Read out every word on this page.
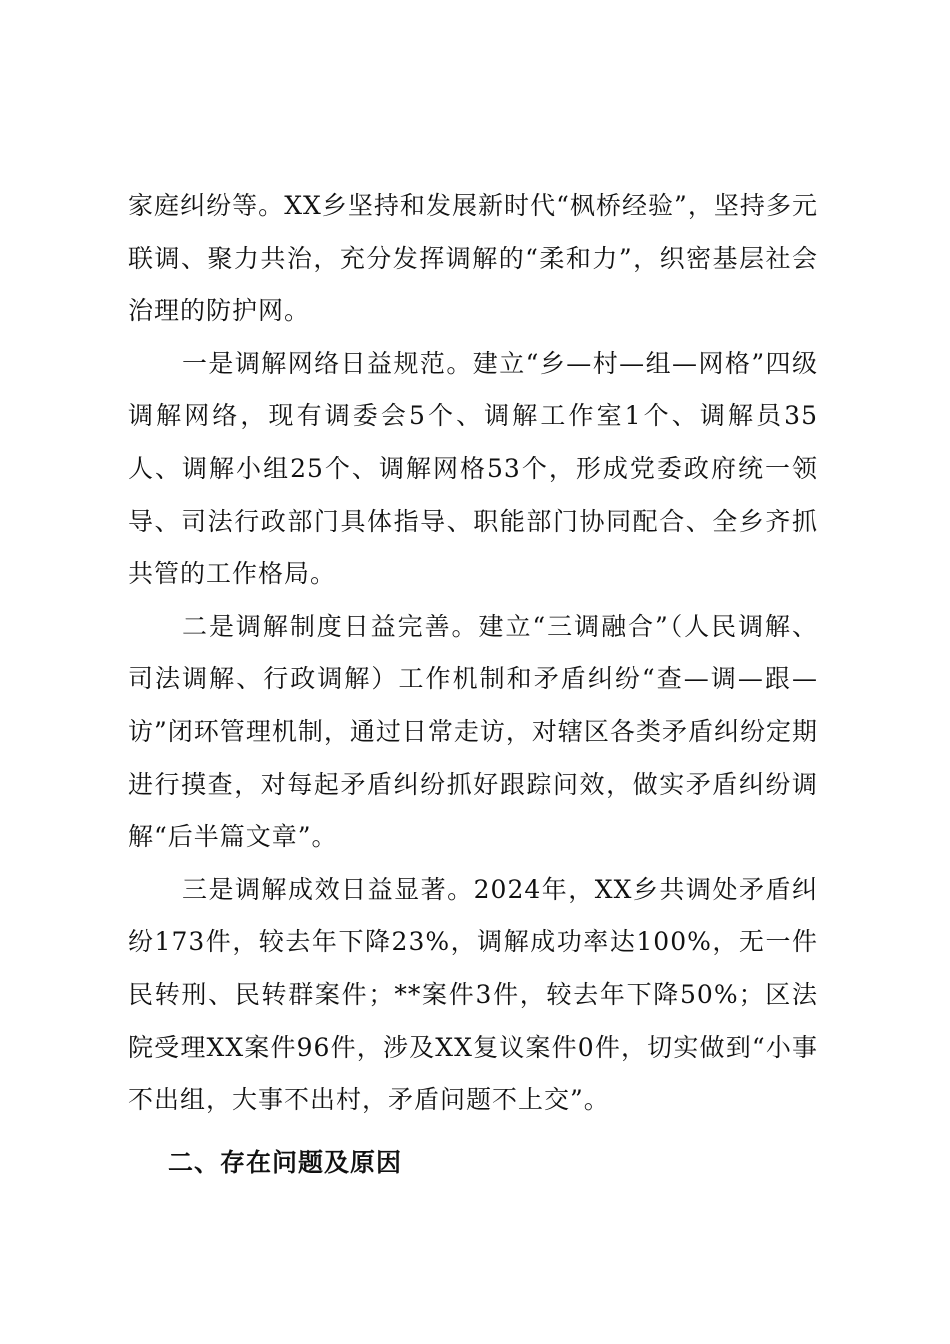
家庭纠纷等。XX乡坚持和发展新时代“枫桥经验”，坚持多元联调、聚力共治，充分发挥调解的“柔和力”，织密基层社会治理的防护网。

一是调解网络日益规范。建立“乡—村—组—网格”四级调解网络，现有调委会5个、调解工作室1个、调解员35人、调解小组25个、调解网格53个，形成党委政府统一领导、司法行政部门具体指导、职能部门协同配合、全乡齐抓共管的工作格局。

二是调解制度日益完善。建立“三调融合”（人民调解、司法调解、行政调解）工作机制和矛盾纠纷“查—调—跟—访”闭环管理机制，通过日常走访，对辖区各类矛盾纠纷定期进行摸查，对每起矛盾纠纷抓好跟踪问效，做实矛盾纠纷调解“后半篇文章”。

三是调解成效日益显著。2024年，XX乡共调处矛盾纠纷173件，较去年下降23%，调解成功率达100%，无一件民转刑、民转群案件；**案件3件，较去年下降50%；区法院受理XX案件96件，涉及XX复议案件0件，切实做到“小事不出组，大事不出村，矛盾问题不上交”。

二、存在问题及原因
